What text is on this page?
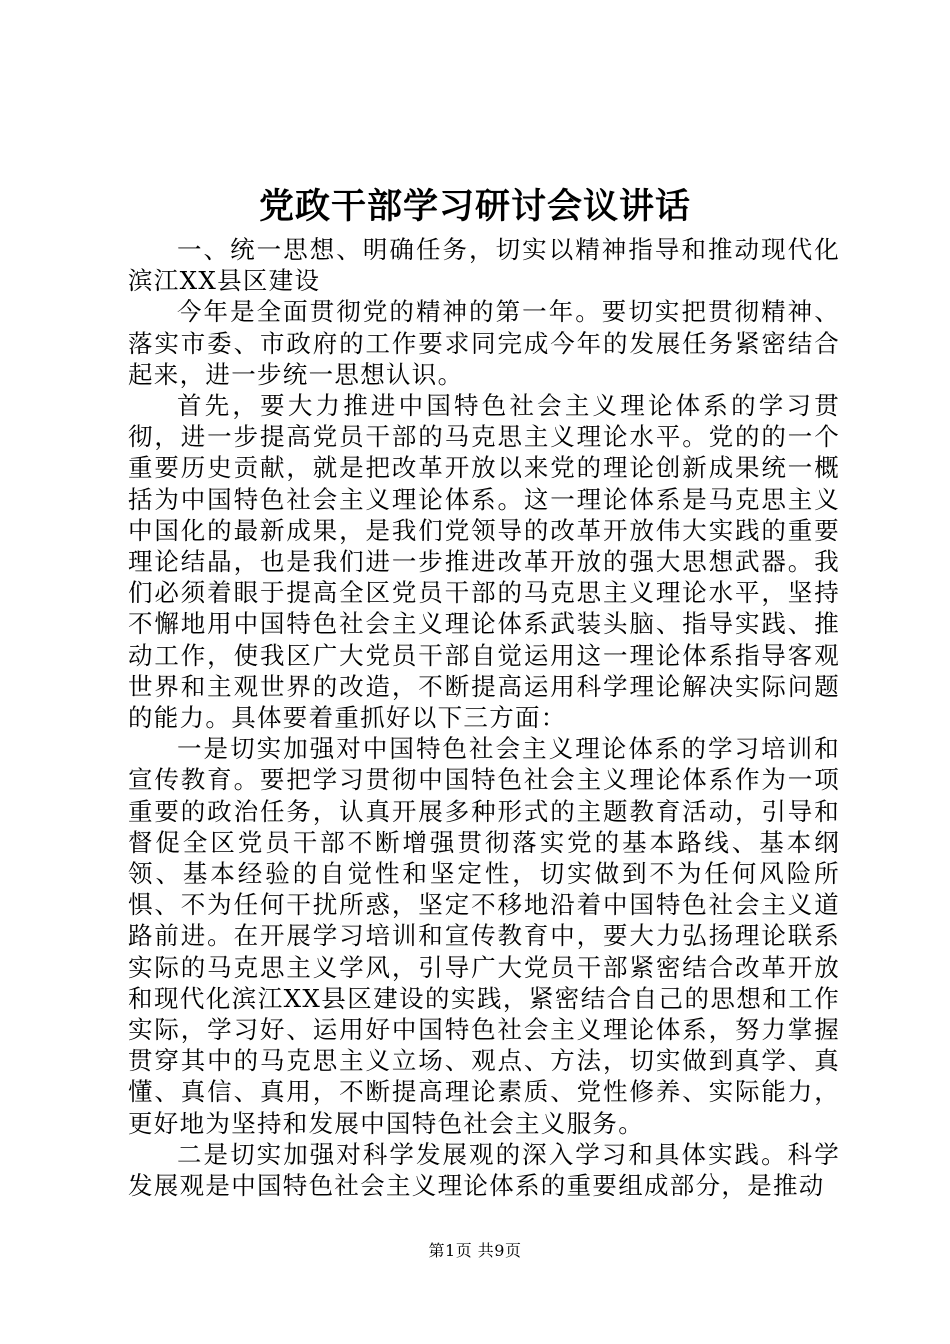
党政干部学习研讨会议讲话

一、统一思想、明确任务，切实以精神指导和推动现代化滨江XX县区建设

今年是全面贯彻党的精神的第一年。要切实把贯彻精神、落实市委、市政府的工作要求同完成今年的发展任务紧密结合起来，进一步统一思想认识。

首先，要大力推进中国特色社会主义理论体系的学习贯彻，进一步提高党员干部的马克思主义理论水平。党的的一个重要历史贡献，就是把改革开放以来党的理论创新成果统一概括为中国特色社会主义理论体系。这一理论体系是马克思主义中国化的最新成果，是我们党领导的改革开放伟大实践的重要理论结晶，也是我们进一步推进改革开放的强大思想武器。我们必须着眼于提高全区党员干部的马克思主义理论水平，坚持不懈地用中国特色社会主义理论体系武装头脑、指导实践、推动工作，使我区广大党员干部自觉运用这一理论体系指导客观世界和主观世界的改造，不断提高运用科学理论解决实际问题的能力。具体要着重抓好以下三方面：

一是切实加强对中国特色社会主义理论体系的学习培训和宣传教育。要把学习贯彻中国特色社会主义理论体系作为一项重要的政治任务，认真开展多种形式的主题教育活动，引导和督促全区党员干部不断增强贯彻落实党的基本路线、基本纲领、基本经验的自觉性和坚定性，切实做到不为任何风险所惧、不为任何干扰所惑，坚定不移地沿着中国特色社会主义道路前进。在开展学习培训和宣传教育中，要大力弘扬理论联系实际的马克思主义学风，引导广大党员干部紧密结合改革开放和现代化滨江XX县区建设的实践，紧密结合自己的思想和工作实际，学习好、运用好中国特色社会主义理论体系，努力掌握贯穿其中的马克思主义立场、观点、方法，切实做到真学、真懂、真信、真用，不断提高理论素质、党性修养、实际能力，更好地为坚持和发展中国特色社会主义服务。

二是切实加强对科学发展观的深入学习和具体实践。科学发展观是中国特色社会主义理论体系的重要组成部分，是推动

第1页 共9页
